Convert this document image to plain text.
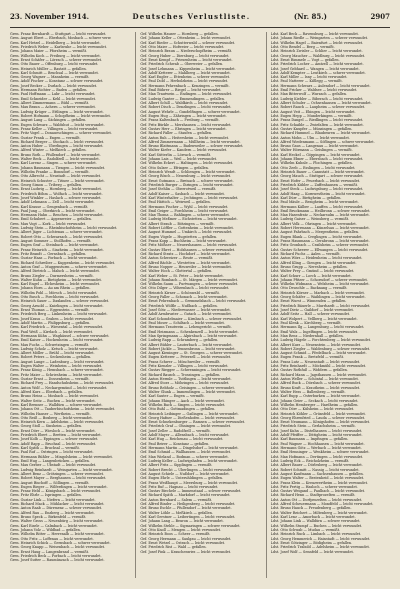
23. November 1914.	Deutsches Verlustliste.	(Nr. 85.)	2907
Gren. Franz Bernhardt — Stuttgart — leicht verwundet.
Gren. August Ebert — Eberbach, Mosbach — schwer verw.
Gren. Karl Hetzel — Heidelberg — leicht verwundet.
Gren. Friedrich Weber — Karlsruhe — leicht verwundet.
Gren. Johann Maier — Pforzheim — vermißt.
Gren. Wilhelm Koch — Freiburg — leicht verwundet.
Gren. Ernst Schäfer — Lörrach — schwer verwundet.
Gren. Otto Bauer — Offenburg — leicht verwundet.
Gren. Heinrich Müller — Rastatt — gefallen.
Gren. Karl Schmitt — Bruchsal — leicht verwundet.
Gren. Georg Wagner — Mannheim — vermißt.
Gren. Adolf Fischer — Konstanz — schwer verwundet.
Gren. Josef Becker — Durlach — leicht verwundet.
Gren. Hermann Richter — Baden — gefallen.
Gren. Paul Hoffmann — Lahr — leicht verwundet.
Gren. Emil Schneider — Kehl — leicht verwundet.
Gren. Albert Zimmermann — Bühl — vermißt.
Gren. Max Braun — Achern — schwer verwundet.
Gren. Ludwig Krüger — Ettlingen — leicht verwundet.
Gren. Robert Hofmann — Schopfheim — leicht verwundet.
Gren. August Lang — Säckingen — gefallen.
Gren. Eugen Schwarz — Waldshut — leicht verwundet.
Gren. Franz Keller — Villingen — leicht verwundet.
Gren. Fritz Vogel — Donaueschingen — schwer verwundet.
Gren. Gustav Frank — Engen — vermißt.
Gren. Richard Berger — Stockach — leicht verwundet.
Gren. Anton Huber — Überlingen — leicht verwundet.
Gren. Alfred Winter — Meßkirch — gefallen.
Gren. Bruno Roth — Pfullendorf — leicht verwundet.
Gren. Walter Beck — Radolfzell — leicht verwundet.
Gren. Karl Lorenz — Singen — schwer verwundet.
Gren. Johann Baumann — Tiengen — leicht verwundet.
Gren. Wilhelm Franke — Bonndorf — vermißt.
Gren. Otto Albrecht — Neustadt — leicht verwundet.
Gren. Heinrich Schuster — Titisee — leicht verwundet.
Gren. Georg Simon — Triberg — gefallen.
Gren. Ernst Ludwig — Hornberg — leicht verwundet.
Gren. Friedrich Böhm — Wolfach — leicht verwundet.
Gren. Josef Winkler — Haslach — schwer verwundet.
Gren. Adolf Lehmann — Zell — leicht verwundet.
Gren. Karl Krause — Gengenbach — vermißt.
Gren. Paul Jung — Oberkirch — leicht verwundet.
Gren. Hermann Hahn — Renchen — leicht verwundet.
Gren. Emil Schubert — Appenweier — gefallen.
Gren. Max Vogt — Kork — leicht verwundet.
Gren. Ludwig Stein — Rheinbischofsheim — leicht verwundet.
Gren. Albert Jäger — Lichtenau — schwer verwundet.
Gren. Robert Otto — Schwarzach — leicht verwundet.
Gren. August Sommer — Stollhofen — vermißt.
Gren. Eugen Graf — Steinbach — leicht verwundet.
Gren. Franz Heinrich — Sinzheim — leicht verwundet.
Gren. Fritz Brandt — Gernsbach — gefallen.
Gren. Gustav Haas — Forbach — leicht verwundet.
Gren. Richard Schreiber — Kuppenheim — leicht verwundet.
Gren. Anton Graf — Muggensturm — schwer verwundet.
Gren. Alfred Dietrich — Malsch — leicht verwundet.
Gren. Bruno Ziegler — Durmersheim — vermißt.
Gren. Walter Kuhn — Bietigheim — leicht verwundet.
Gren. Karl Engel — Elchesheim — leicht verwundet.
Gren. Johann Horn — Au am Rhein — gefallen.
Gren. Wilhelm Pohl — Mörsch — leicht verwundet.
Gren. Otto Busch — Forchheim — leicht verwundet.
Gren. Heinrich Sauer — Daxlanden — schwer verwundet.
Gren. Georg Arnold — Knielingen — leicht verwundet.
Gren. Ernst Thomas — Eggenstein — vermißt.
Gren. Friedrich Berg — Linkenheim — leicht verwundet.
Gren. Josef Kraus — Graben — leicht verwundet.
Gren. Adolf Martin — Philippsburg — gefallen.
Gren. Karl Friedrich — Wiesental — leicht verwundet.
Gren. Paul Weiß — Kirrlach — leicht verwundet.
Gren. Hermann Kühn — Waghäusel — schwer verwundet.
Gren. Emil Kaiser — Hockenheim — leicht verwundet.
Gren. Max Fuchs — Schwetzingen — vermißt.
Gren. Ludwig Scholz — Ketsch — leicht verwundet.
Gren. Albert Möller — Brühl — leicht verwundet.
Gren. Robert Peters — Seckenheim — gefallen.
Gren. August Lange — Ladenburg — leicht verwundet.
Gren. Eugen Walter — Weinheim — leicht verwundet.
Gren. Franz König — Hemsbach — schwer verwundet.
Gren. Fritz Maier — Schriesheim — leicht verwundet.
Gren. Gustav Ernst — Dossenheim — vermißt.
Gren. Richard Frey — Handschuhsheim — leicht verwundet.
Gren. Anton Wolf — Neckargemünd — leicht verwundet.
Gren. Alfred Kurz — Eberbach — gefallen.
Gren. Bruno Heinz — Mosbach — leicht verwundet.
Gren. Walter Seitz — Buchen — leicht verwundet.
Gren. Karl Brenner — Walldürn — schwer verwundet.
Gren. Johann Ott — Tauberbischofsheim — leicht verwundet.
Gren. Wilhelm Hauser — Wertheim — vermißt.
Gren. Otto Reiß — Boxberg — leicht verwundet.
Gren. Heinrich Kern — Adelsheim — leicht verwundet.
Gren. Georg Stoll — Sinsheim — gefallen.
Gren. Ernst Dörr — Wiesloch — leicht verwundet.
Gren. Friedrich Ebert — Bretten — leicht verwundet.
Gren. Josef Kolb — Eppingen — schwer verwundet.
Gren. Adolf Rapp — Bruchsal — leicht verwundet.
Gren. Karl Späth — Bruchsal — vermißt.
Gren. Paul Ruf — Östringen — leicht verwundet.
Gren. Hermann Bühler — Mingolsheim — leicht verwundet.
Gren. Emil Hug — Langenbrücken — gefallen.
Gren. Max Gerber — Ubstadt — leicht verwundet.
Gren. Ludwig Reinhardt — Weingarten — leicht verwundet.
Gren. Albert Benz — Grötzingen — schwer verwundet.
Gren. Robert Mayer — Berghausen — leicht verwundet.
Gren. August Bischoff — Söllingen — vermißt.
Gren. Eugen Rieger — Wilferdingen — leicht verwundet.
Gren. Franz Held — Königsbach — leicht verwundet.
Gren. Fritz Ehrle — Ispringen — gefallen.
Gren. Gustav Link — Niefern — leicht verwundet.
Gren. Richard Mack — Mühlacker — leicht verwundet.
Gren. Anton Raab — Dürrmenz — schwer verwundet.
Gren. Alfred Rau — Enzberg — leicht verwundet.
Gren. Bruno Speck — Birkenfeld — vermißt.
Gren. Walter Gross — Neuenbürg — leicht verwundet.
Gren. Karl Eisele — Calmbach — leicht verwundet.
Gren. Johann Volz — Wildbad — gefallen.
Gren. Wilhelm Ritter — Herrenalb — leicht verwundet.
Gren. Otto Fritz — Loffenau — leicht verwundet.
Gren. Heinrich Schick — Gernsbach — schwer verwundet.
Gren. Georg Knapp — Weisenbach — leicht verwundet.
Gren. Ernst Haug — Langenbrand — vermißt.
Gren. Friedrich Beck — Forbach — leicht verwundet.
Gren. Josef Sutter — Raumünzach — leicht verwundet.
Gef. Wilhelm Hauser — Hornberg — gefallen.
Gef. Johann Keller — Ottenheim — leicht verwundet.
Gef. Karl Rieder — Schutterwald — schwer verwundet.
Gef. Otto Maier — Hofweier — leicht verwundet.
Gef. Heinrich Braun — Niederschopfheim — vermißt.
Gef. Georg Huber — Diersburg — leicht verwundet.
Gef. Ernst Kempf — Friesenheim — leicht verwundet.
Gef. Friedrich Schwab — Oberweier — gefallen.
Gef. Josef Lehmann — Kippenheim — leicht verwundet.
Gef. Adolf Ketterer — Mahlberg — leicht verwundet.
Gef. Karl Engler — Ettenheim — schwer verwundet.
Gef. Paul Dold — Herbolzheim — leicht verwundet.
Gef. Hermann Fehrenbach — Kenzingen — vermißt.
Gef. Emil Bührer — Riegel — leicht verwundet.
Gef. Max Trautwein — Endingen — leicht verwundet.
Gef. Ludwig Ganter — Emmendingen — gefallen.
Gef. Albert Schill — Waldkirch — leicht verwundet.
Gef. Robert Disch — Denzlingen — leicht verwundet.
Gef. August Wehrle — Gundelfingen — schwer verwundet.
Gef. Eugen Hug — Zähringen — leicht verwundet.
Gef. Franz Kaltenbach — Freiburg — vermißt.
Gef. Fritz Bürkle — Merzhausen — leicht verwundet.
Gef. Gustav Herr — Ebringen — leicht verwundet.
Gef. Richard Faller — Staufen — gefallen.
Gef. Anton Ruh — Heitersheim — leicht verwundet.
Gef. Alfred Zimmermann — Müllheim — leicht verwundet.
Gef. Bruno Blattmann — Badenweiler — schwer verwundet.
Gef. Walter Kiefer — Kandern — leicht verwundet.
Gef. Karl Sütterlin — Lörrach — vermißt.
Gef. Johann Lais — Weil — leicht verwundet.
Gef. Wilhelm Eckert — Haltingen — leicht verwundet.
Gef. Otto Sulzer — Efringen — gefallen.
Gef. Heinrich Wendt — Schliengen — leicht verwundet.
Gef. Georg Rösch — Neuenburg — leicht verwundet.
Gef. Ernst Gutmann — Breisach — schwer verwundet.
Gef. Friedrich Burger — Ihringen — leicht verwundet.
Gef. Josef Stehlin — Oberrotweil — vermißt.
Gef. Adolf Kaiser — Sasbach — leicht verwundet.
Gef. Karl Winterhalter — Jechtingen — leicht verwundet.
Gef. Paul Hättich — Weisweil — gefallen.
Gef. Hermann Fischer — Wyhl — leicht verwundet.
Gef. Emil Geiger — Forchheim — leicht verwundet.
Gef. Max Thoma — Bahlingen — schwer verwundet.
Gef. Ludwig Meßmer — Eichstetten — leicht verwundet.
Gef. Albert Straub — Bötzingen — vermißt.
Gef. Robert Löffler — Gottenheim — leicht verwundet.
Gef. August Hummel — Umkirch — leicht verwundet.
Gef. Eugen Vögele — Hugstetten — gefallen.
Gef. Franz Kopp — Buchheim — leicht verwundet.
Gef. Fritz Mößner — Neuershausen — leicht verwundet.
Gef. Gustav Ehret — Holzhausen — schwer verwundet.
Gef. Richard Stratz — Hochdorf — leicht verwundet.
Gef. Anton Schweizer — Reute — vermißt.
Gef. Alfred Bächle — Vörstetten — leicht verwundet.
Gef. Bruno Nopper — Heuweiler — leicht verwundet.
Gef. Walter Hoch — Glottertal — gefallen.
Gef. Karl Weber — St. Peter — leicht verwundet.
Gef. Johann Rombach — St. Märgen — leicht verwundet.
Gef. Wilhelm Saum — Furtwangen — schwer verwundet.
Gef. Otto Dilger — Vöhrenbach — leicht verwundet.
Gef. Heinrich Kirner — Schönwald — vermißt.
Gef. Georg Faller — Schonach — leicht verwundet.
Gef. Ernst Fehrenbach — Gremmelsbach — leicht verwundet.
Gef. Friedrich Wölfle — Nußbach — gefallen.
Gef. Josef Götz — Niederwasser — leicht verwundet.
Gef. Adolf Armbruster — Gutach — leicht verwundet.
Gef. Karl Schondelmaier — Kirnbach — schwer verwundet.
Gef. Paul Moser — Schiltach — leicht verwundet.
Gef. Hermann Trautwein — Lehengericht — vermißt.
Gef. Emil Heizmann — Schenkenzell — leicht verwundet.
Gef. Max Springmann — Alpirsbach — leicht verwundet.
Gef. Ludwig Rapp — Schramberg — gefallen.
Gef. Albert Bühler — Lauterbach — leicht verwundet.
Gef. Robert Jäckle — Tennenbronn — leicht verwundet.
Gef. August Kieninger — St. Georgen — schwer verwundet.
Gef. Eugen Ketterer — Peterzell — leicht verwundet.
Gef. Franz Schwer — Mönchweiler — vermißt.
Gef. Fritz Kienzler — Villingen — leicht verwundet.
Gef. Gustav Riegger — Schwenningen — leicht verwundet.
Gef. Richard Bausch — Trossingen — gefallen.
Gef. Anton Hermle — Tuttlingen — leicht verwundet.
Gef. Alfred Storz — Möhringen — leicht verwundet.
Gef. Bruno Rebholz — Geisingen — schwer verwundet.
Gef. Walter Glunk — Immendingen — leicht verwundet.
Gef. Karl Sauter — Engen — vermißt.
Gef. Johann Ehinger — Aach — leicht verwundet.
Gef. Wilhelm Bach — Singen — leicht verwundet.
Gef. Otto Buhl — Gottmadingen — gefallen.
Gef. Heinrich Leibinger — Gailingen — leicht verwundet.
Gef. Georg Hafner — Dießenhofen — leicht verwundet.
Gef. Ernst Schnekenburger — Ramsen — schwer verwundet.
Gef. Friedrich Graf — Öhningen — leicht verwundet.
Gef. Josef Zeller — Radolfzell — vermißt.
Gef. Adolf Mayer — Allensbach — leicht verwundet.
Gef. Karl Hug — Reichenau — leicht verwundet.
Gef. Paul Beirer — Konstanz — gefallen.
Gef. Hermann Martin — Dingelsdorf — leicht verwundet.
Gef. Emil Schmid — Wallhausen — leicht verwundet.
Gef. Max Wieland — Bodman — schwer verwundet.
Gef. Ludwig Keller — Ludwigshafen — leicht verwundet.
Gef. Albert Fritz — Sipplingen — vermißt.
Gef. Robert Brecht — Überlingen — leicht verwundet.
Gef. August Schiele — Nußdorf — leicht verwundet.
Gef. Eugen Ehrle — Unteruhldingen — gefallen.
Gef. Franz Weißhaupt — Meersburg — leicht verwundet.
Gef. Fritz Ruf — Hagnau — leicht verwundet.
Gef. Gustav Biechele — Immenstaad — schwer verwundet.
Gef. Richard Späth — Markdorf — leicht verwundet.
Gef. Anton Bernhard — Salem — vermißt.
Gef. Alfred Binder — Heiligenberg — leicht verwundet.
Gef. Bruno Eschle — Pfullendorf — leicht verwundet.
Gef. Walter Löhle — Meßkirch — gefallen.
Gef. Karl Gerstner — Leibertingen — leicht verwundet.
Gef. Johann Lang — Beuron — leicht verwundet.
Gef. Wilhelm Stehle — Sigmaringen — schwer verwundet.
Gef. Otto Knoll — Mengen — leicht verwundet.
Gef. Heinrich Boos — Scheer — vermißt.
Gef. Georg Hermann — Saulgau — leicht verwundet.
Gef. Ernst Wetzel — Ostrach — leicht verwundet.
Gef. Friedrich Rist — Wald — gefallen.
Gef. Josef Fink — Krauchenwies — leicht verwundet.
Ldst. Karl Beck — Ravensburg — leicht verwundet.
Ldst. Johann Riedle — Weingarten — schwer verwundet.
Ldst. Wilhelm Hagel — Baienfurt — leicht verwundet.
Ldst. Otto Bendel — Berg — vermißt.
Ldst. Heinrich Zwisler — Schlier — leicht verwundet.
Ldst. Georg Maucher — Waldburg — leicht verwundet.
Ldst. Ernst Rimmele — Vogt — gefallen.
Ldst. Friedrich Locher — Amtzell — leicht verwundet.
Ldst. Josef Gebhard — Wangen — leicht verwundet.
Ldst. Adolf Kempter — Leutkirch — schwer verwundet.
Ldst. Karl Miller — Isny — leicht verwundet.
Ldst. Paul Natterer — Kißlegg — vermißt.
Ldst. Hermann Schwarz — Aulendorf — leicht verwundet.
Ldst. Emil Fricker — Waldsee — leicht verwundet.
Ldst. Max Bitterwolf — Wurzach — gefallen.
Ldst. Ludwig Kiebler — Biberach — leicht verwundet.
Ldst. Albert Schuler — Ochsenhausen — leicht verwundet.
Ldst. Robert Rauch — Laupheim — schwer verwundet.
Ldst. August Veit — Ehingen — leicht verwundet.
Ldst. Eugen Hepp — Munderkingen — vermißt.
Ldst. Franz Dangel — Riedlingen — leicht verwundet.
Ldst. Fritz Schaible — Zwiefalten — leicht verwundet.
Ldst. Gustav Knupfer — Münsingen — gefallen.
Ldst. Richard Hummel — Blaubeuren — leicht verwundet.
Ldst. Anton Mohn — Ulm — leicht verwundet.
Ldst. Alfred Wiedenmann — Söflingen — schwer verwundet.
Ldst. Bruno Gaus — Langenau — leicht verwundet.
Ldst. Walter Hörmann — Geislingen — vermißt.
Ldst. Karl Heckel — Göppingen — leicht verwundet.
Ldst. Johann Ebner — Ebersbach — leicht verwundet.
Ldst. Wilhelm Kuhnle — Plochingen — gefallen.
Ldst. Otto Zeeb — Esslingen — leicht verwundet.
Ldst. Heinrich Bauer — Cannstatt — leicht verwundet.
Ldst. Georg Mauch — Stuttgart — schwer verwundet.
Ldst. Ernst Hofer — Feuerbach — leicht verwundet.
Ldst. Friedrich Kübler — Zuffenhausen — vermißt.
Ldst. Josef Steck — Ludwigsburg — leicht verwundet.
Ldst. Adolf Haag — Kornwestheim — leicht verwundet.
Ldst. Karl Dürr — Bietigheim — gefallen.
Ldst. Paul Mäule — Besigheim — leicht verwundet.
Ldst. Hermann Kälber — Lauffen — leicht verwundet.
Ldst. Emil Bruckmann — Heilbronn — schwer verwundet.
Ldst. Max Hasenfratz — Neckarsulm — leicht verwundet.
Ldst. Ludwig Gaiser — Weinsberg — vermißt.
Ldst. Albert Volk — Öhringen — leicht verwundet.
Ldst. Robert Herrmann — Künzelsau — leicht verwundet.
Ldst. August Fahrbach — Mergentheim — gefallen.
Ldst. Eugen Blank — Creglingen — leicht verwundet.
Ldst. Franz Hausmann — Gerabronn — leicht verwundet.
Ldst. Fritz Gronbach — Crailsheim — schwer verwundet.
Ldst. Gustav Scheerer — Ellwangen — leicht verwundet.
Ldst. Richard Fuchs — Aalen — vermißt.
Ldst. Anton Wörz — Heidenheim — leicht verwundet.
Ldst. Alfred Kling — Giengen — leicht verwundet.
Ldst. Bruno Grupp — Neresheim — gefallen.
Ldst. Walter Frey — Gmünd — leicht verwundet.
Ldst. Karl Schurr — Lorch — leicht verwundet.
Ldst. Johann Pfitzer — Schorndorf — schwer verwundet.
Ldst. Wilhelm Widmann — Welzheim — leicht verwundet.
Ldst. Otto Deuschle — Backnang — vermißt.
Ldst. Heinrich Körner — Marbach — leicht verwundet.
Ldst. Georg Schäfer — Waiblingen — leicht verwundet.
Ldst. Ernst Wurst — Winnenden — gefallen.
Ldst. Friedrich Bäuerle — Murrhardt — leicht verwundet.
Ldst. Josef Dietz — Gaildorf — leicht verwundet.
Ldst. Adolf Seitz — Hall — schwer verwundet.
Ldst. Karl Wolpert — Vellberg — leicht verwundet.
Ldst. Paul Klenk — Kirchberg — vermißt.
Ldst. Hermann Ilg — Langenburg — leicht verwundet.
Ldst. Emil Walz — Ingelfingen — leicht verwundet.
Ldst. Max Renz — Niedernhall — gefallen.
Ldst. Ludwig Hägele — Forchtenberg — leicht verwundet.
Ldst. Albert Kurz — Neuenstein — leicht verwundet.
Ldst. Robert Ziegler — Waldenburg — schwer verwundet.
Ldst. August Schmid — Pfedelbach — leicht verwundet.
Ldst. Eugen Frank — Bretzfeld — vermißt.
Ldst. Franz Lutz — Neuenstadt — leicht verwundet.
Ldst. Fritz Reinhardt — Möckmühl — leicht verwundet.
Ldst. Gustav Rothfuß — Widdern — gefallen.
Ldst. Richard Mann — Jagsthausen — leicht verwundet.
Ldst. Anton Weller — Schöntal — leicht verwundet.
Ldst. Alfred Buck — Dörzbach — schwer verwundet.
Ldst. Bruno Kraft — Krautheim — leicht verwundet.
Ldst. Walter Hess — Ballenberg — vermißt.
Ldst. Karl Rupp — Osterburken — leicht verwundet.
Ldst. Johann Geier — Seckach — leicht verwundet.
Ldst. Wilhelm Hemberger — Hardheim — gefallen.
Ldst. Otto Dörr — Külsheim — leicht verwundet.
Ldst. Heinrich Köhler — Grünsfeld — leicht verwundet.
Ldst. Georg Ehrenfried — Lauda — schwer verwundet.
Ldst. Ernst Neumann — Königshofen — leicht verwundet.
Ldst. Friedrich Stein — Gerlachsheim — vermißt.
Ldst. Josef Kuhn — Distelhausen — leicht verwundet.
Ldst. Adolf Pfeiffer — Dittigheim — leicht verwundet.
Ldst. Karl Baumann — Impfingen — gefallen.
Ldst. Paul Wagner — Hochhausen — leicht verwundet.
Ldst. Hermann Götz — Werbach — leicht verwundet.
Ldst. Emil Henninger — Wenkheim — schwer verwundet.
Ldst. Max Hofmann — Dertingen — leicht verwundet.
Ldst. Ludwig Eck — Reicholzheim — vermißt.
Ldst. Albert Bauer — Dörlesberg — leicht verwundet.
Ldst. Robert Schmitt — Nassig — leicht verwundet.
Ldst. August Kaufmann — Sachsenhausen — gefallen.
Ldst. Eugen Walter — Bestenheid — leicht verwundet.
Ldst. Franz Klein — Kreuzwertheim — leicht verwundet.
Ldst. Fritz Fertig — Hasloch — schwer verwundet.
Ldst. Gustav Weigand — Faulbach — leicht verwundet.
Ldst. Richard Henn — Stadtprozelten — vermißt.
Ldst. Anton Ott — Dorfprozelten — leicht verwundet.
Ldst. Alfred Scheuermann — Mondfeld — leicht verwundet.
Ldst. Bruno Hauck — Freudenberg — gefallen.
Ldst. Walter Reichert — Miltenberg — leicht verwundet.
Ldst. Karl Lenz — Amorbach — leicht verwundet.
Ldst. Johann Link — Walldürn — schwer verwundet.
Ldst. Wilhelm Stumpf — Buchen — leicht verwundet.
Ldst. Otto Schwab — Mudau — vermißt.
Ldst. Heinrich Ruck — Limbach — leicht verwundet.
Ldst. Georg Hemmerich — Hainstadt — leicht verwundet.
Ldst. Ernst Götzinger — Bödigheim — gefallen.
Ldst. Friedrich Trabold — Adelsheim — leicht verwundet.
Ldst. Josef Wolf — Sennfeld — leicht verwundet.
